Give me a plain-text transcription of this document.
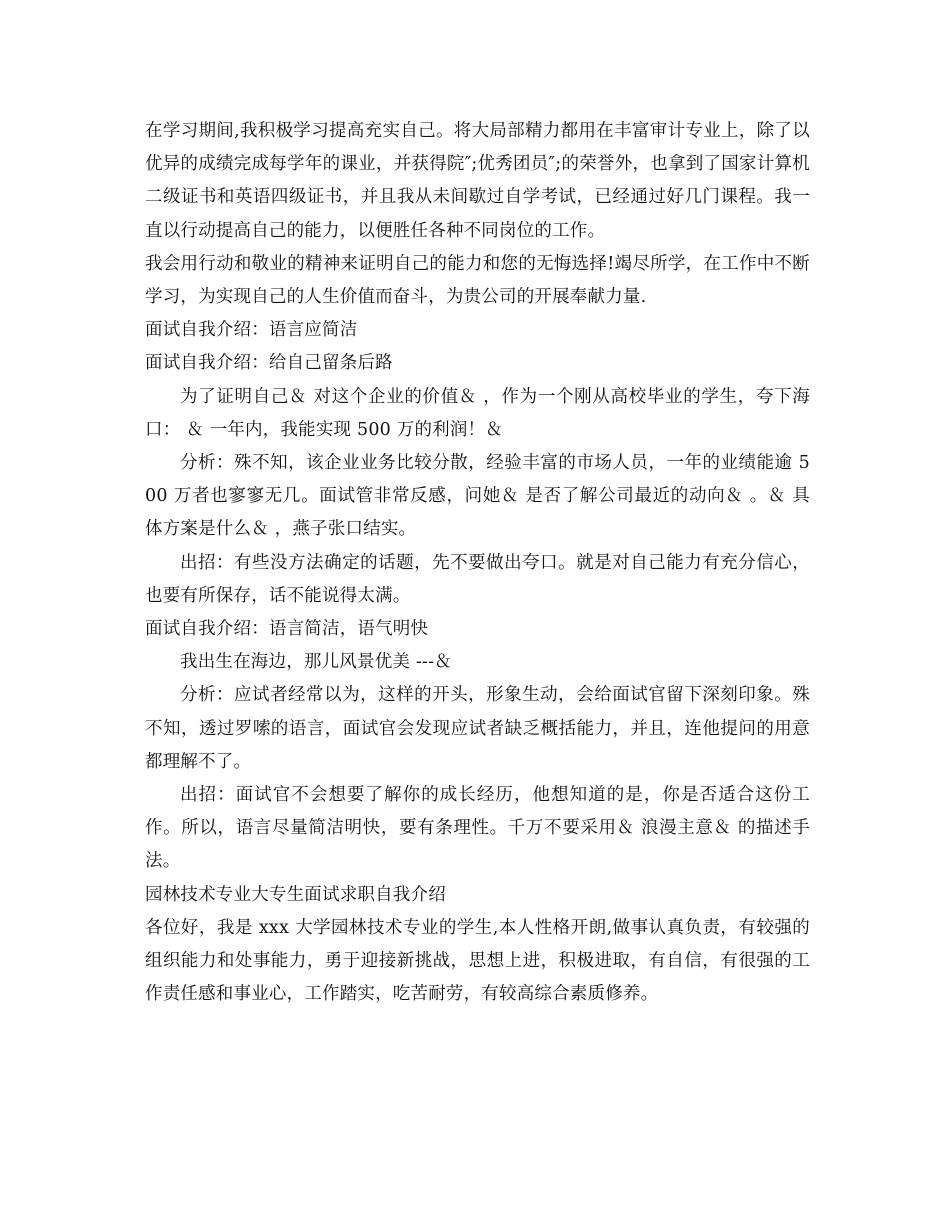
在学习期间,我积极学习提高充实自己。将大局部精力都用在丰富审计专业上，除了以优异的成绩完成每学年的课业，并获得院″;优秀团员″;的荣誉外，也拿到了国家计算机二级证书和英语四级证书，并且我从未间歇过自学考试，已经通过好几门课程。我一直以行动提高自己的能力，以便胜任各种不同岗位的工作。

我会用行动和敬业的精神来证明自己的能力和您的无悔选择!竭尽所学，在工作中不断学习，为实现自己的人生价值而奋斗，为贵公司的开展奉献力量.

面试自我介绍：语言应简洁

面试自我介绍：给自己留条后路

为了证明自己＆ 对这个企业的价值＆ ，作为一个刚从高校毕业的学生，夸下海口： ＆ 一年内，我能实现 500 万的利润！＆

分析：殊不知，该企业业务比较分散，经验丰富的市场人员，一年的业绩能逾 500 万者也寥寥无几。面试管非常反感，问她＆ 是否了解公司最近的动向＆ 。＆ 具体方案是什么＆ ，燕子张口结实。

出招：有些没方法确定的话题，先不要做出夸口。就是对自己能力有充分信心，也要有所保存，话不能说得太满。

面试自我介绍：语言简洁，语气明快

我出生在海边，那儿风景优美 ---＆

分析：应试者经常以为，这样的开头，形象生动，会给面试官留下深刻印象。殊不知，透过罗嗦的语言，面试官会发现应试者缺乏概括能力，并且，连他提问的用意都理解不了。

出招：面试官不会想要了解你的成长经历，他想知道的是，你是否适合这份工作。所以，语言尽量简洁明快，要有条理性。千万不要采用＆ 浪漫主意＆ 的描述手法。

园林技术专业大专生面试求职自我介绍

各位好，我是 xxx 大学园林技术专业的学生,本人性格开朗,做事认真负责，有较强的组织能力和处事能力，勇于迎接新挑战，思想上进，积极进取，有自信，有很强的工作责任感和事业心，工作踏实，吃苦耐劳，有较高综合素质修养。
